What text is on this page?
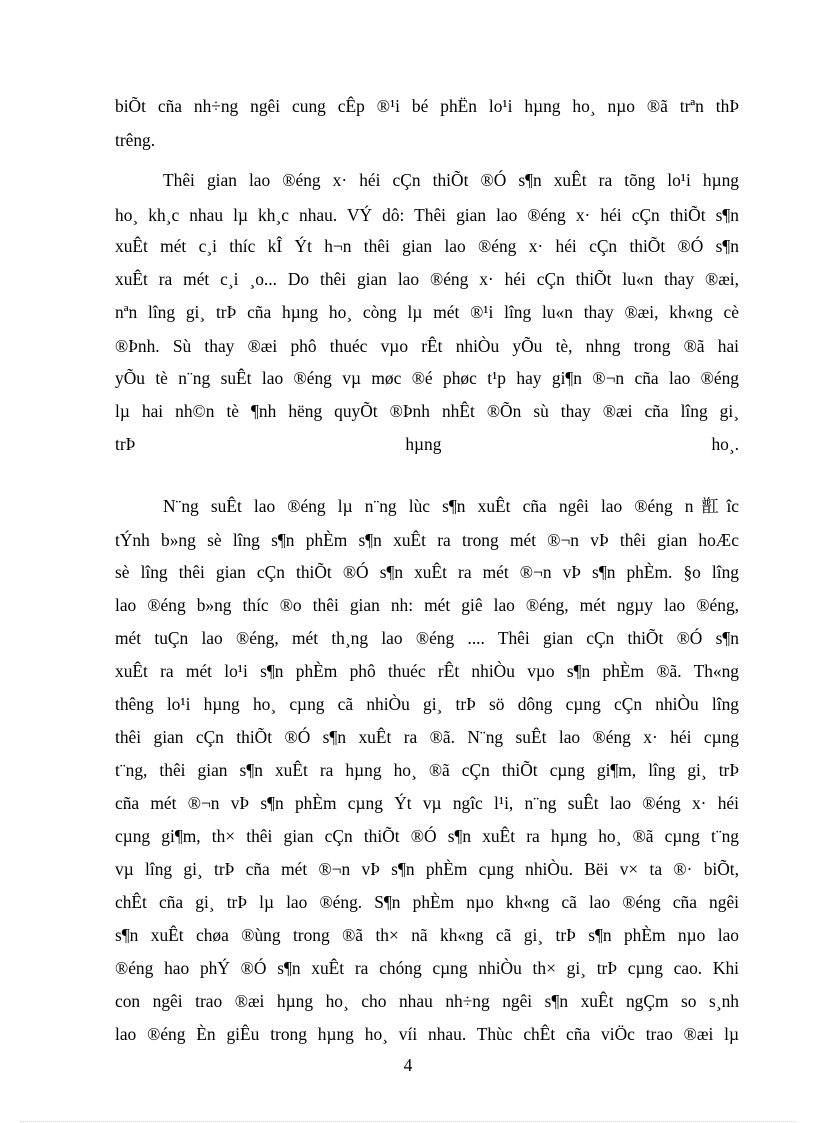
biÕt cña nh÷ng ngêi cung cÊp ®¹i bé phËn lo¹i hµng ho¸ nµo ®ã trªn thÞ
trêng.
Thêi gian lao ®éng x· héi cÇn thiÕt ®Ó s¶n xuÊt ra tõng lo¹i hµng
ho¸ kh¸c nhau lµ kh¸c nhau. VÝ dô: Thêi gian lao ®éng x· héi cÇn thiÕt s¶n
xuÊt mét c¸i thíc kÎ Ýt h¬n thêi gian lao ®éng x· héi cÇn thiÕt ®Ó s¶n
xuÊt ra mét c¸i ¸o... Do thêi gian lao ®éng x· héi cÇn thiÕt lu«n thay ®æi,
nªn lîng gi¸ trÞ cña hµng ho¸ còng lµ mét ®¹i lîng lu«n thay ®æi, kh«ng cè
®Þnh. Sù thay ®æi phô thuéc vµo rÊt nhiÒu yÕu tè, nhng trong ®ã hai
yÕu tè n¨ng suÊt lao ®éng vµ møc ®é phøc t¹p hay gi¶n ®¬n cña lao ®éng
lµ hai nh©n tè ¶nh hëng quyÕt ®Þnh nhÊt ®Õn sù thay ®æi cña lîng gi¸
trÞ hµng ho¸.
N¨ng suÊt lao ®éng lµ n¨ng lùc s¶n xuÊt cña ngêi lao ®éng n㠮îc
tÝnh b»ng sè lîng s¶n phÈm s¶n xuÊt ra trong mét ®¬n vÞ thêi gian hoÆc
sè lîng thêi gian cÇn thiÕt ®Ó s¶n xuÊt ra mét ®¬n vÞ s¶n phÈm. §o lîng
lao ®éng b»ng thíc ®o thêi gian nh: mét giê lao ®éng, mét ngµy lao ®éng,
mét tuÇn lao ®éng, mét th¸ng lao ®éng .... Thêi gian cÇn thiÕt ®Ó s¶n
xuÊt ra mét lo¹i s¶n phÈm phô thuéc rÊt nhiÒu vµo s¶n phÈm ®ã. Th«ng
thêng lo¹i hµng ho¸ cµng cã nhiÒu gi¸ trÞ sö dông cµng cÇn nhiÒu lîng
thêi gian cÇn thiÕt ®Ó s¶n xuÊt ra ®ã. N¨ng suÊt lao ®éng x· héi cµng
t¨ng, thêi gian s¶n xuÊt ra hµng ho¸ ®ã cÇn thiÕt cµng gi¶m, lîng gi¸ trÞ
cña mét ®¬n vÞ s¶n phÈm cµng Ýt vµ ngîc l¹i, n¨ng suÊt lao ®éng x· héi
cµng gi¶m, th× thêi gian cÇn thiÕt ®Ó s¶n xuÊt ra hµng ho¸ ®ã cµng t¨ng
vµ lîng gi¸ trÞ cña mét ®¬n vÞ s¶n phÈm cµng nhiÒu. Bëi v× ta ®· biÕt,
chÊt cña gi¸ trÞ lµ lao ®éng. S¶n phÈm nµo kh«ng cã lao ®éng cña ngêi
s¶n xuÊt chøa ®ùng trong ®ã th× nã kh«ng cã gi¸ trÞ s¶n phÈm nµo lao
®éng hao phÝ ®Ó s¶n xuÊt ra chóng cµng nhiÒu th× gi¸ trÞ cµng cao. Khi
con ngêi trao ®æi hµng ho¸ cho nhau nh÷ng ngêi s¶n xuÊt ngÇm so s¸nh
lao ®éng Èn giÊu trong hµng ho¸ víi nhau. Thùc chÊt cña viÖc trao ®æi lµ
4
